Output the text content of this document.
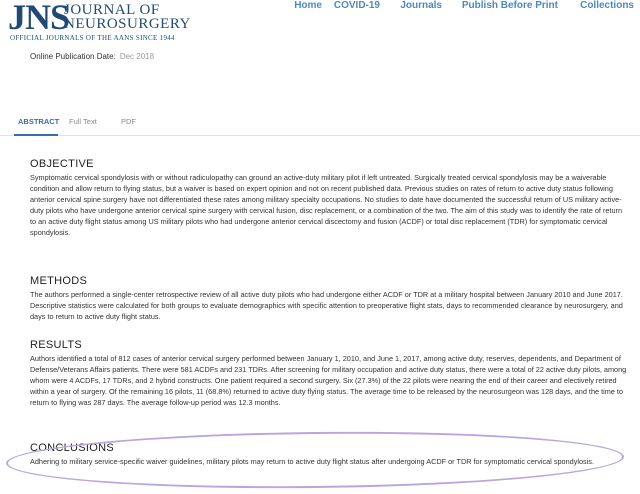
JNS
JOURNAL OF
NEUROSURGERY
OFFICIAL JOURNALS OF THE AANS SINCE 1944
Home COVID-19 Journals Publish Before Print Collections
Online Publication Date: Dec 2018
ABSTRACT Full Text	PDF
OBJECTIVE

Symptomatic cervical spondylosis with or without radiculopathy can ground an active-duty military pilot if left untreated. Surgically treated cervical spondylosis may be a waiverable condition and allow return to flying status, but a waiver is based on expert opinion and not on recent published data. Previous studies on rates of return to active duty status following anterior cervical spine surgery have not differentiated these rates among military specialty occupations. No studies to date have documented the successful return of US military active-duty pilots who have undergone anterior cervical spine surgery with cervical fusion, disc replacement, or a combination of the two. The aim of this study was to identify the rate of return to an active duty flight status among US military pilots who had undergone anterior cervical discectomy and fusion (ACDF) or total disc replacement (TDR) for symptomatic cervical spondylosis.

METHODS

The authors performed a single-center retrospective review of all active duty pilots who had undergone either ACDF or TDR at a military hospital between January 2010 and June 2017. Descriptive statistics were calculated for both groups to evaluate demographics with specific attention to preoperative flight stats, days to recommended clearance by neurosurgery, and days to return to active duty flight status.

RESULTS

Authors identified a total of 812 cases of anterior cervical surgery performed between January 1, 2010, and June 1, 2017, among active duty, reserves, dependents, and Department of Defense/Veterans Affairs patients. There were 581 ACDFs and 231 TDRs. After screening for military occupation and active duty status, there were a total of 22 active duty pilots, among whom were 4 ACDFs, 17 TDRs, and 2 hybrid constructs. One patient required a second surgery. Six (27.3%) of the 22 pilots were nearing the end of their career and electively retired within a year of surgery. Of the remaining 16 pilots, 11 (68.8%) returned to active duty flying status. The average time to be released by the neurosurgeon was 128 days, and the time to return to flying was 287 days. The average follow-up period was 12.3 months.

CONCLUSIONS

Adhering to military service-specific waiver guidelines, military pilots may return to active duty flight status after undergoing ACDF or TDR for symptomatic cervical spondylosis.
